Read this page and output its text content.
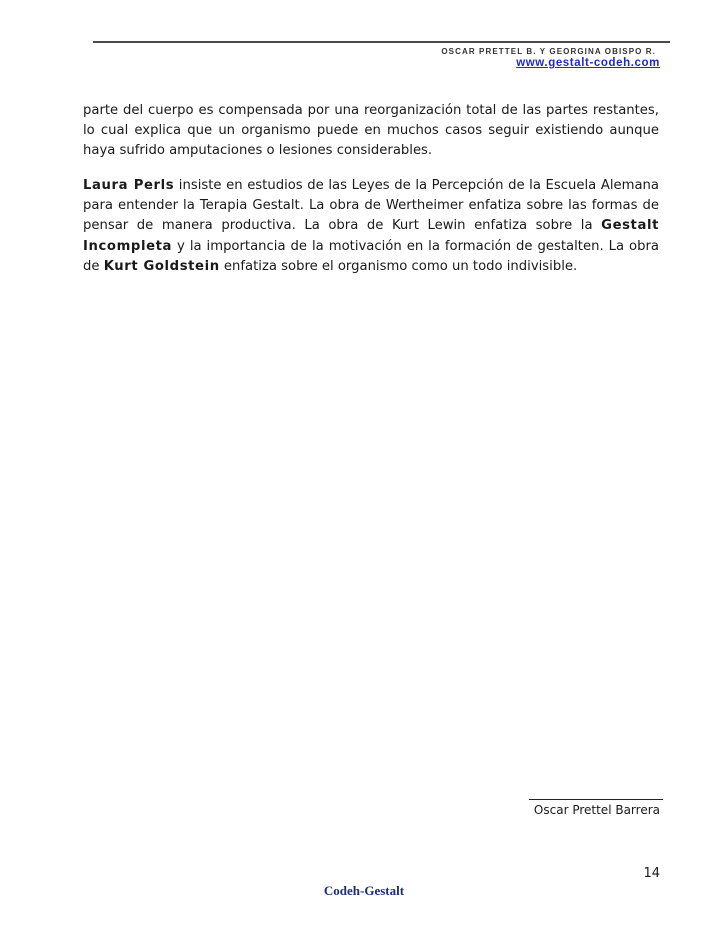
OSCAR PRETTEL B. Y GEORGINA OBISPO R.
www.gestalt-codeh.com

parte del cuerpo es compensada por una reorganización total de las partes restantes, lo cual explica que un organismo puede en muchos casos seguir existiendo aunque haya sufrido amputaciones o lesiones considerables.

Laura Perls insiste en estudios de las Leyes de la Percepción de la Escuela Alemana para entender la Terapia Gestalt. La obra de Wertheimer enfatiza sobre las formas de pensar de manera productiva. La obra de Kurt Lewin enfatiza sobre la Gestalt Incompleta y la importancia de la motivación en la formación de gestalten. La obra de Kurt Goldstein enfatiza sobre el organismo como un todo indivisible.

Oscar Prettel Barrera
14
Codeh-Gestalt
